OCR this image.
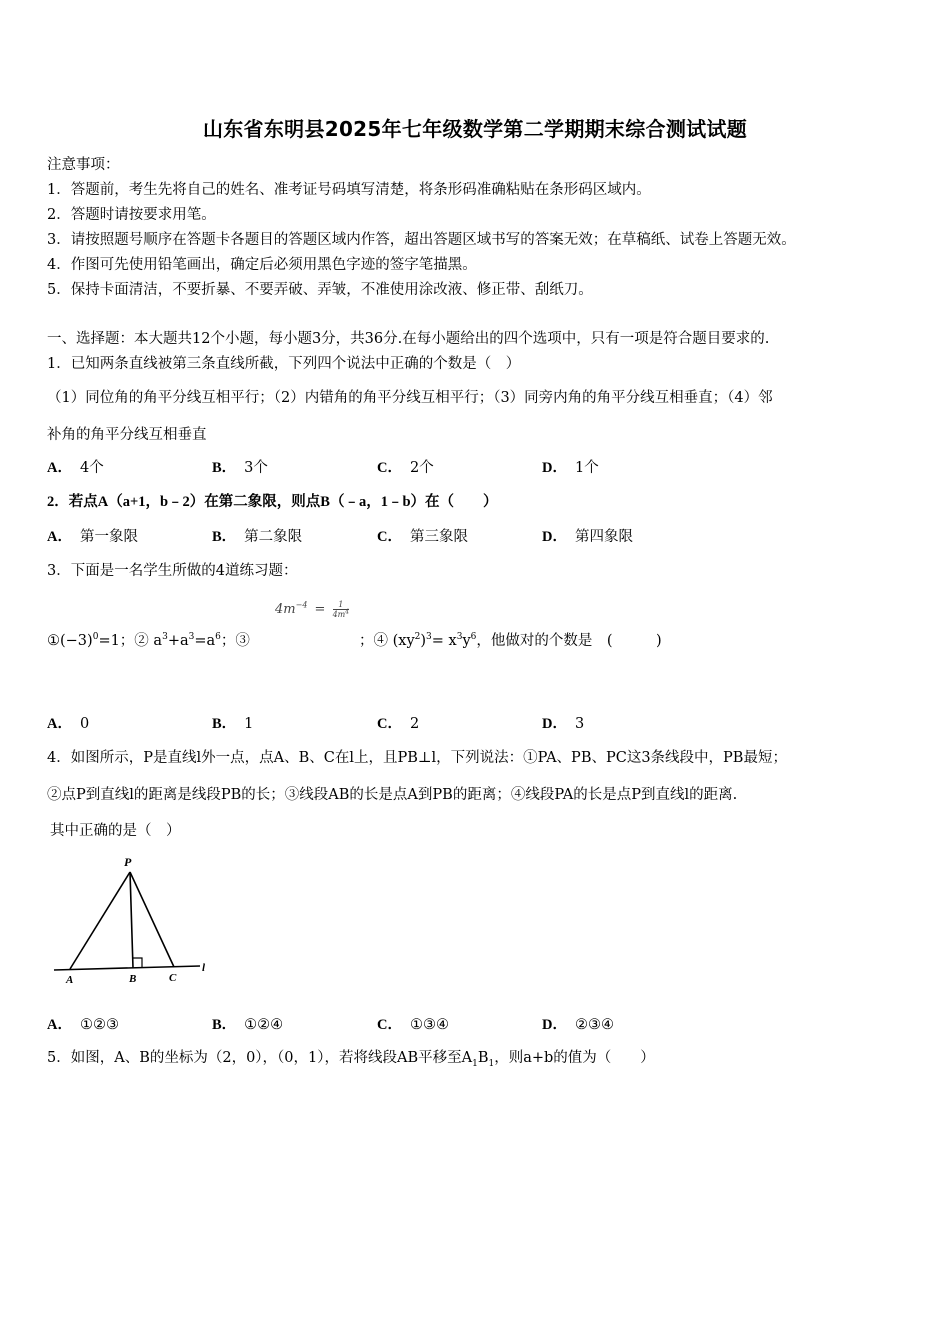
山东省东明县2025年七年级数学第二学期期末综合测试试题
注意事项：
1．答题前，考生先将自己的姓名、准考证号码填写清楚，将条形码准确粘贴在条形码区域内。
2．答题时请按要求用笔。
3．请按照题号顺序在答题卡各题目的答题区域内作答，超出答题区域书写的答案无效；在草稿纸、试卷上答题无效。
4．作图可先使用铅笔画出，确定后必须用黑色字迹的签字笔描黑。
5．保持卡面清洁，不要折暴、不要弄破、弄皱，不准使用涂改液、修正带、刮纸刀。
一、选择题：本大题共12个小题，每小题3分，共36分.在每小题给出的四个选项中，只有一项是符合题目要求的.
1．已知两条直线被第三条直线所截，下列四个说法中正确的个数是（　）
（1）同位角的角平分线互相平行；（2）内错角的角平分线互相平行；（3）同旁内角的角平分线互相垂直；（4）邻
补角的角平分线互相垂直
A． 4个	B． 3个	C． 2个	D． 1个
2．若点A（a+1，b﹣2）在第二象限，则点B（﹣a，1﹣b）在（　　）
A． 第一象限	B． 第二象限	C． 第三象限	D． 第四象限
3．下面是一名学生所做的4道练习题：
$4m^{-4} = \frac{1}{4m^4}$
$①(-3)^0=1$；② $a^3+a^3=a^6$；③	；④ $(xy^2)^3= x^3y^6$，他做对的个数是　(　　　)
A． 0	B． 1	C． 2	D． 3
4．如图所示，P是直线l外一点，点A、B、C在l上，且PB⊥l，下列说法：①PA、PB、PC这3条线段中，PB最短；
②点P到直线l的距离是线段PB的长；③线段AB的长是点A到PB的距离；④线段PA的长是点P到直线l的距离.
其中正确的是（　）
P
A	B	C
l
A． ①②③	B． ①②④	C． ①③④	D． ②③④
5．如图，A、B的坐标为（2，0），（0，1），若将线段AB平移至$A_1B_1$，则a+b的值为（　　）
